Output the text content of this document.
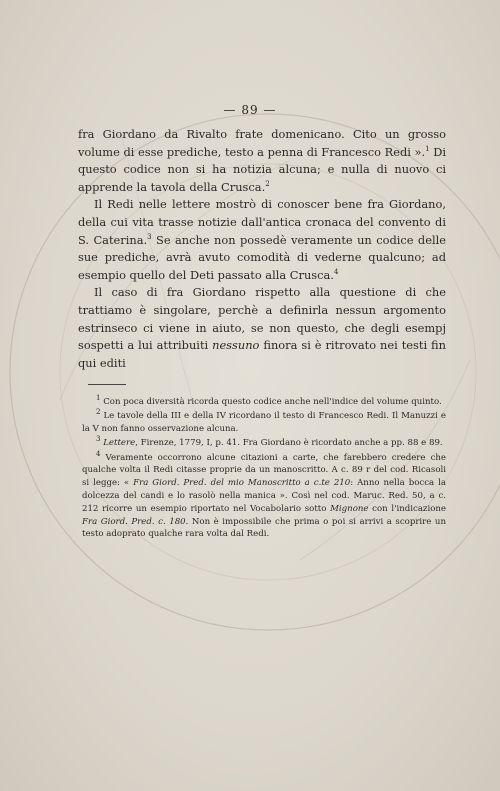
— 89 —

fra Giordano da Rivalto frate domenicano. Cito un grosso volume di esse prediche, testo a penna di Francesco Redi ».$^1$ Di questo codice non si ha notizia alcuna; e nulla di nuovo ci apprende la tavola della Crusca.$^2$

Il Redi nelle lettere mostrò di conoscer bene fra Giordano, della cui vita trasse notizie dall'antica cronaca del convento di S. Caterina.$^3$ Se anche non possedè veramente un codice delle sue prediche, avrà avuto comodità di vederne qualcuno; ad esempio quello del Deti passato alla Crusca.$^4$

Il caso di fra Giordano rispetto alla questione di che trattiamo è singolare, perchè a definirla nessun argomento estrinseco ci viene in aiuto, se non questo, che degli esempj sospetti a lui attribuiti nessuno finora si è ritrovato nei testi fin qui editi

$^1$ Con poca diversità ricorda questo codice anche nell'indice del volume quinto.

$^2$ Le tavole della III e della IV ricordano il testo di Francesco Redi. Il Manuzzi e la V non fanno osservazione alcuna.

$^3$ Lettere, Firenze, 1779, I, p. 41. Fra Giordano è ricordato anche a pp. 88 e 89.

$^4$ Veramente occorrono alcune citazioni a carte, che farebbero credere che qualche volta il Redi citasse proprie da un manoscritto. A c. 89 r del cod. Ricasoli si legge: « Fra Giord. Pred. del mio Manoscritto a c.te 210: Anno nella bocca la dolcezza del candi e lo rasolò nella manica ». Così nel cod. Maruc. Red. 50, a c. 212 ricorre un esempio riportato nel Vocabolario sotto Mignone con l'indicazione Fra Giord. Pred. c. 180. Non è impossibile che prima o poi si arrivi a scoprire un testo adoprato qualche rara volta dal Redi.
